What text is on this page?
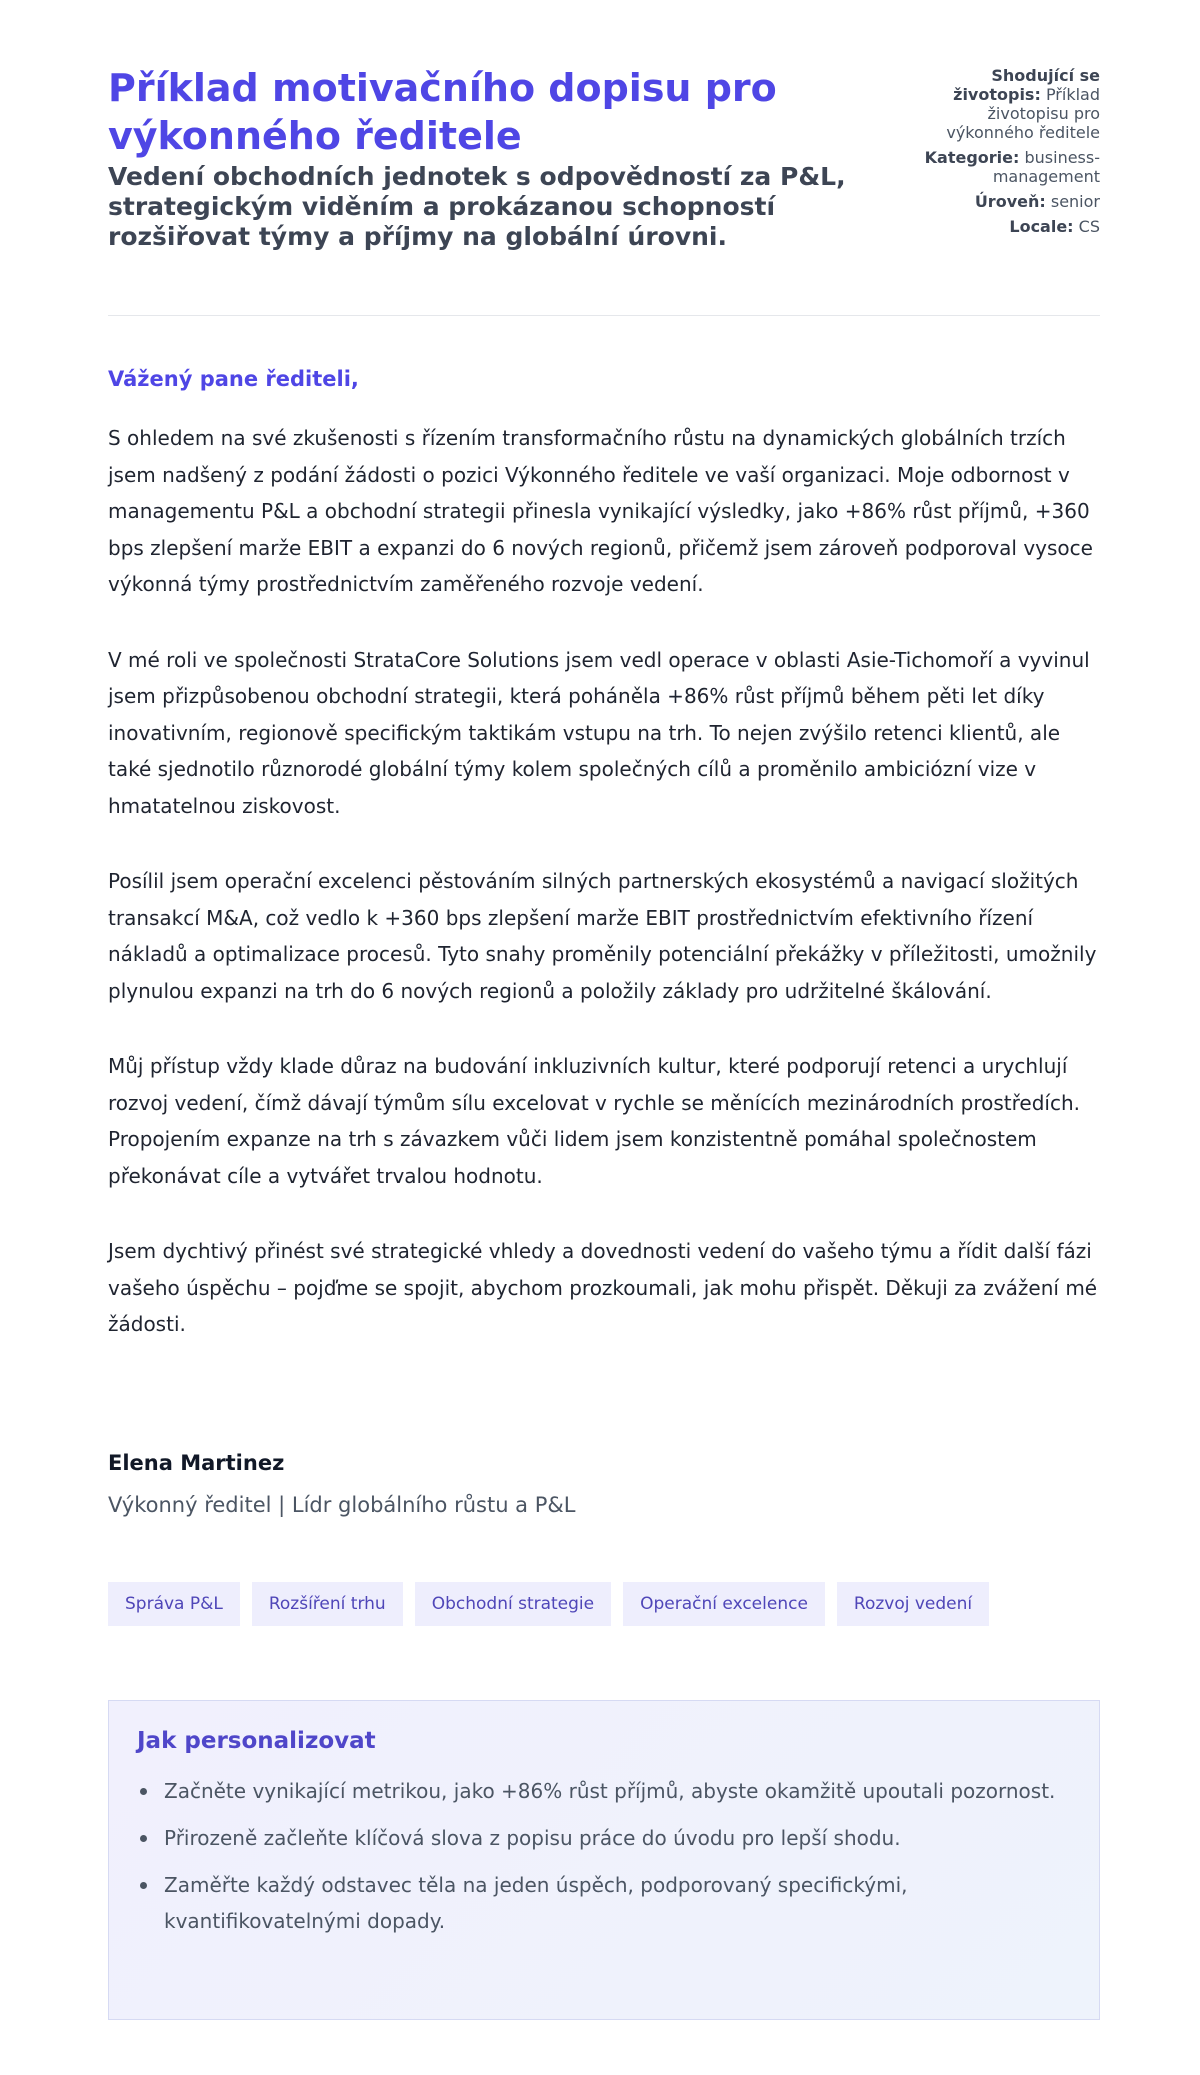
Příklad motivačního dopisu pro výkonného ředitele
Vedení obchodních jednotek s odpovědností za P&L, strategickým viděním a prokázanou schopností rozšiřovat týmy a příjmy na globální úrovni.
Shodující se životopis: Příklad životopisu pro výkonného ředitele
Kategorie: business-management
Úroveň: senior
Locale: CS
Vážený pane řediteli,

S ohledem na své zkušenosti s řízením transformačního růstu na dynamických globálních trzích jsem nadšený z podání žádosti o pozici Výkonného ředitele ve vaší organizaci. Moje odbornost v managementu P&L a obchodní strategii přinesla vynikající výsledky, jako +86% růst příjmů, +360 bps zlepšení marže EBIT a expanzi do 6 nových regionů, přičemž jsem zároveň podporoval vysoce výkonná týmy prostřednictvím zaměřeného rozvoje vedení.

V mé roli ve společnosti StrataCore Solutions jsem vedl operace v oblasti Asie-Tichomoří a vyvinul jsem přizpůsobenou obchodní strategii, která poháněla +86% růst příjmů během pěti let díky inovativním, regionově specifickým taktikám vstupu na trh. To nejen zvýšilo retenci klientů, ale také sjednotilo různorodé globální týmy kolem společných cílů a proměnilo ambiciózní vize v hmatatelnou ziskovost.

Posílil jsem operační excelenci pěstováním silných partnerských ekosystémů a navigací složitých transakcí M&A, což vedlo k +360 bps zlepšení marže EBIT prostřednictvím efektivního řízení nákladů a optimalizace procesů. Tyto snahy proměnily potenciální překážky v příležitosti, umožnily plynulou expanzi na trh do 6 nových regionů a položily základy pro udržitelné škálování.

Můj přístup vždy klade důraz na budování inkluzivních kultur, které podporují retenci a urychlují rozvoj vedení, čímž dávají týmům sílu excelovat v rychle se měnících mezinárodních prostředích. Propojením expanze na trh s závazkem vůči lidem jsem konzistentně pomáhal společnostem překonávat cíle a vytvářet trvalou hodnotu.

Jsem dychtivý přinést své strategické vhledy a dovednosti vedení do vašeho týmu a řídit další fázi vašeho úspěchu – pojďme se spojit, abychom prozkoumali, jak mohu přispět. Děkuji za zvážení mé žádosti.

Elena Martinez
Výkonný ředitel | Lídr globálního růstu a P&L
Správa P&L	Rozšíření trhu	Obchodní strategie	Operační excelence	Rozvoj vedení
Jak personalizovat
Začněte vynikající metrikou, jako +86% růst příjmů, abyste okamžitě upoutali pozornost.
Přirozeně začleňte klíčová slova z popisu práce do úvodu pro lepší shodu.
Zaměřte každý odstavec těla na jeden úspěch, podporovaný specifickými, kvantifikovatelnými dopady.
